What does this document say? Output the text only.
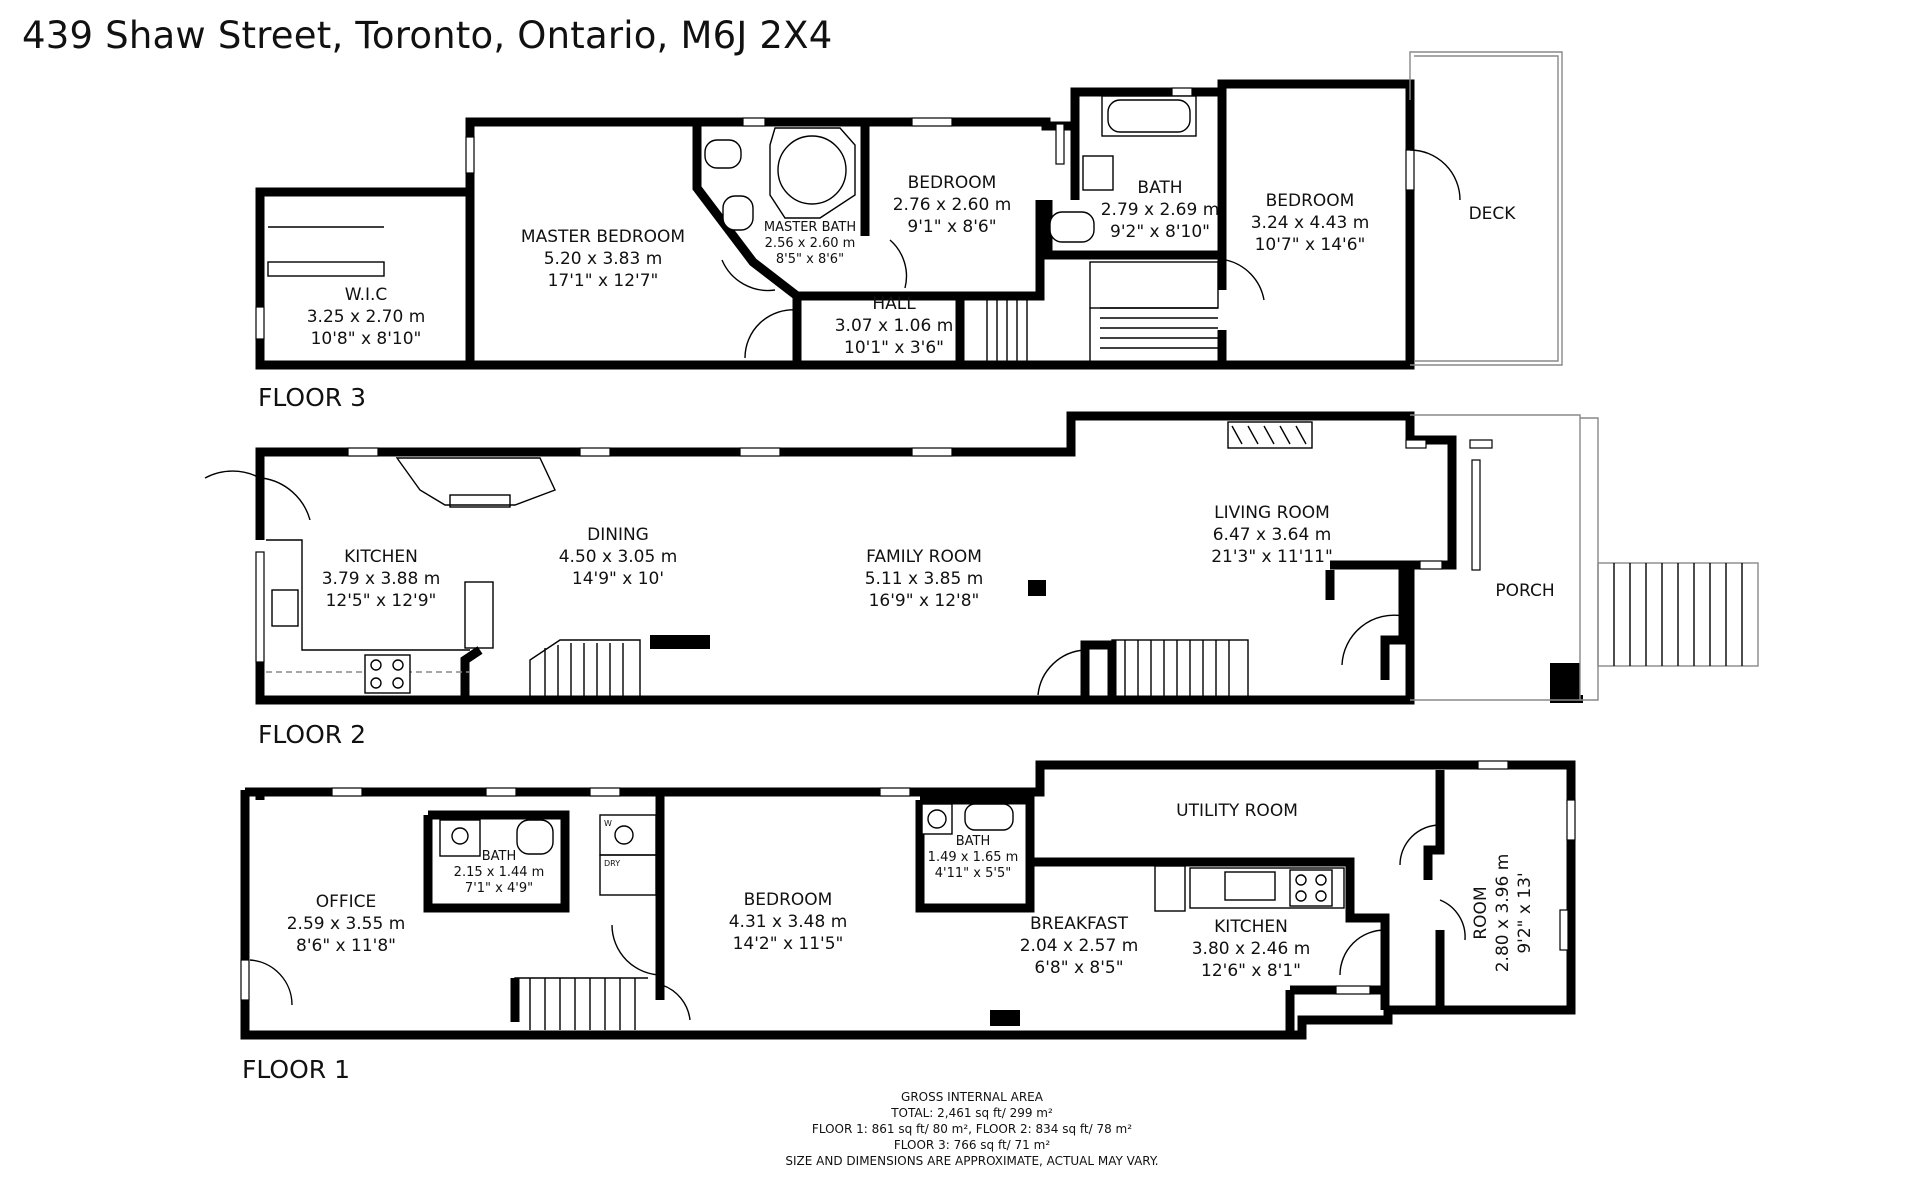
439 Shaw Street, Toronto, Ontario, M6J 2X4
FLOOR 3
W.I.C
3.25 x 2.70 m
10'8" x 8'10"
MASTER BEDROOM
5.20 x 3.83 m
17'1" x 12'7"
MASTER BATH
2.56 x 2.60 m
8'5" x 8'6"
BEDROOM
2.76 x 2.60 m
9'1" x 8'6"
BATH
2.79 x 2.69 m
9'2" x 8'10"
BEDROOM
3.24 x 4.43 m
10'7" x 14'6"
HALL
3.07 x 1.06 m
10'1" x 3'6"
DECK
FLOOR 2
KITCHEN
3.79 x 3.88 m
12'5" x 12'9"
DINING
4.50 x 3.05 m
14'9" x 10'
FAMILY ROOM
5.11 x 3.85 m
16'9" x 12'8"
LIVING ROOM
6.47 x 3.64 m
21'3" x 11'11"
PORCH
FLOOR 1
OFFICE
2.59 x 3.55 m
8'6" x 11'8"
BATH
2.15 x 1.44 m
7'1" x 4'9"
BEDROOM
4.31 x 3.48 m
14'2" x 11'5"
BATH
1.49 x 1.65 m
4'11" x 5'5"
UTILITY ROOM
BREAKFAST
2.04 x 2.57 m
6'8" x 8'5"
KITCHEN
3.80 x 2.46 m
12'6" x 8'1"
ROOM 2.80 x 3.96 m 9'2" x 13'
W
DRY
GROSS INTERNAL AREA
TOTAL: 2,461 sq ft/ 299 m²
FLOOR 1: 861 sq ft/ 80 m², FLOOR 2: 834 sq ft/ 78 m²
FLOOR 3: 766 sq ft/ 71 m²
SIZE AND DIMENSIONS ARE APPROXIMATE, ACTUAL MAY VARY.
